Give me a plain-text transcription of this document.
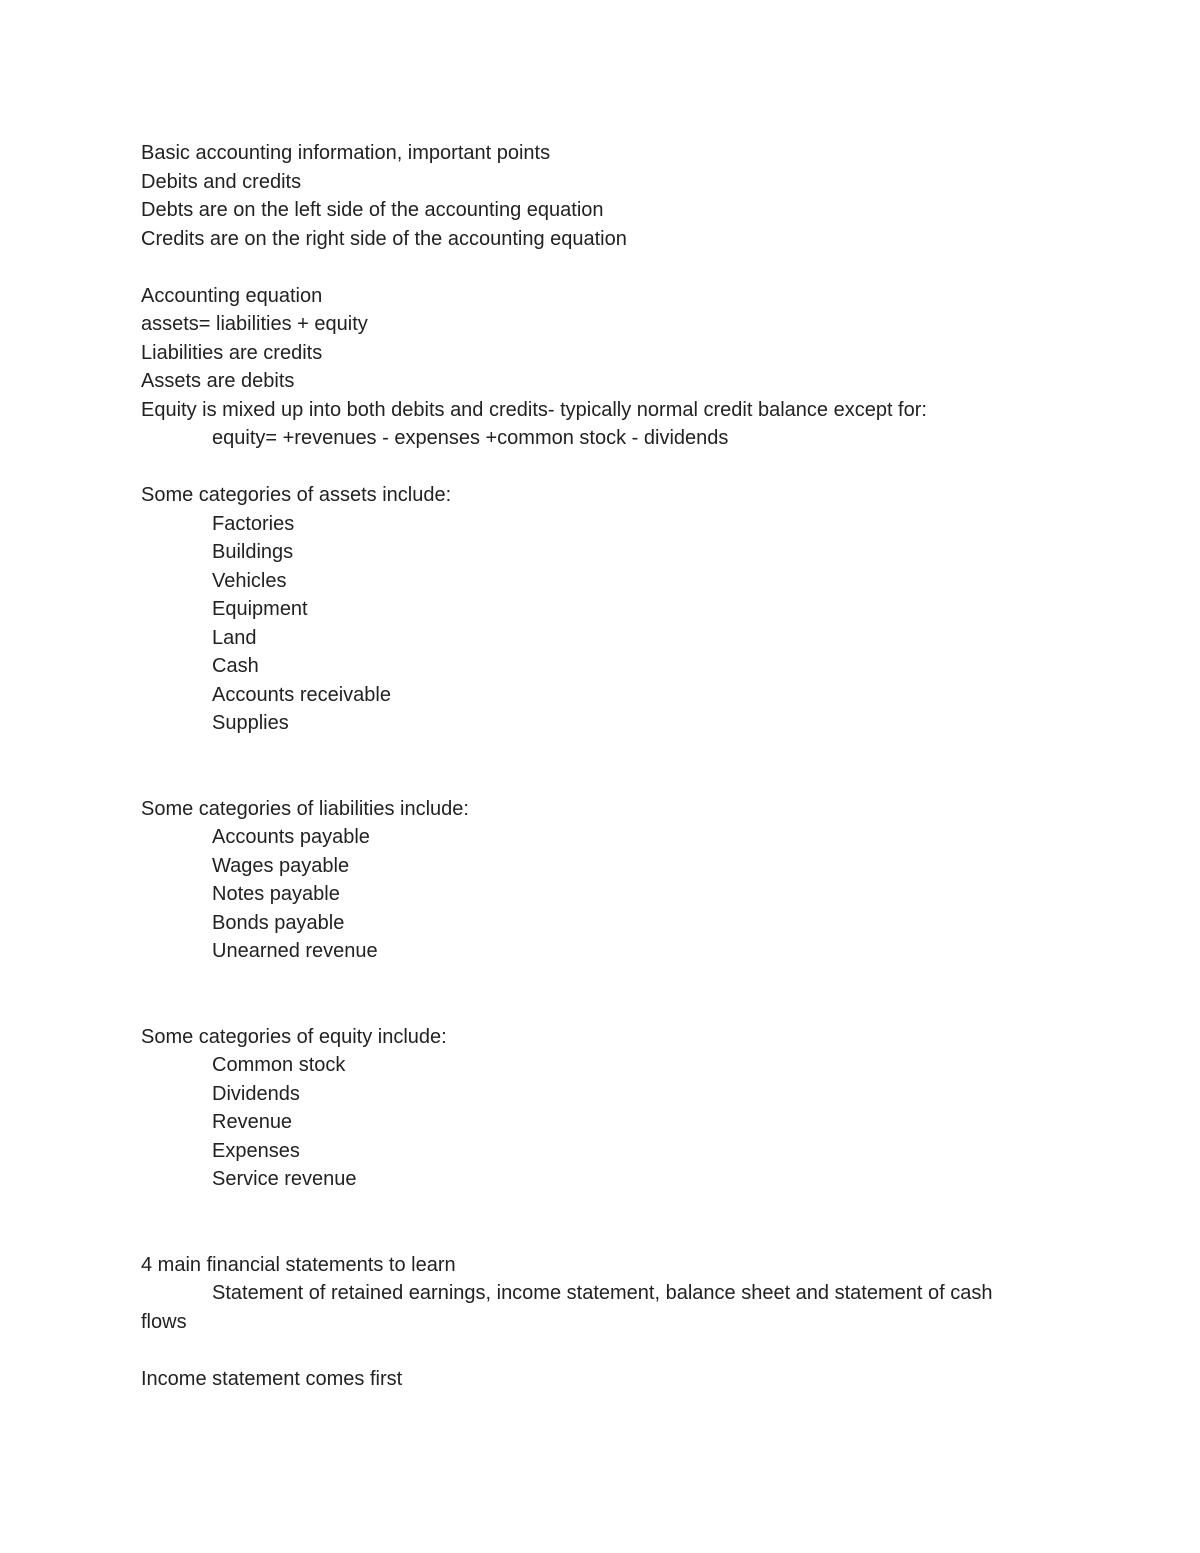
Basic accounting information, important points

Debits and credits

Debts are on the left side of the accounting equation

Credits are on the right side of the accounting equation

Accounting equation

assets= liabilities + equity

Liabilities are credits

Assets are debits

Equity is mixed up into both debits and credits- typically normal credit balance except for:

equity= +revenues - expenses +common stock - dividends

Some categories of assets include:

Factories

Buildings

Vehicles

Equipment

Land

Cash

Accounts receivable

Supplies

Some categories of liabilities include:

Accounts payable

Wages payable

Notes payable

Bonds payable

Unearned revenue

Some categories of equity include:

Common stock

Dividends

Revenue

Expenses

Service revenue

4 main financial statements to learn

Statement of retained earnings, income statement, balance sheet and statement of cash

flows

Income statement comes first
